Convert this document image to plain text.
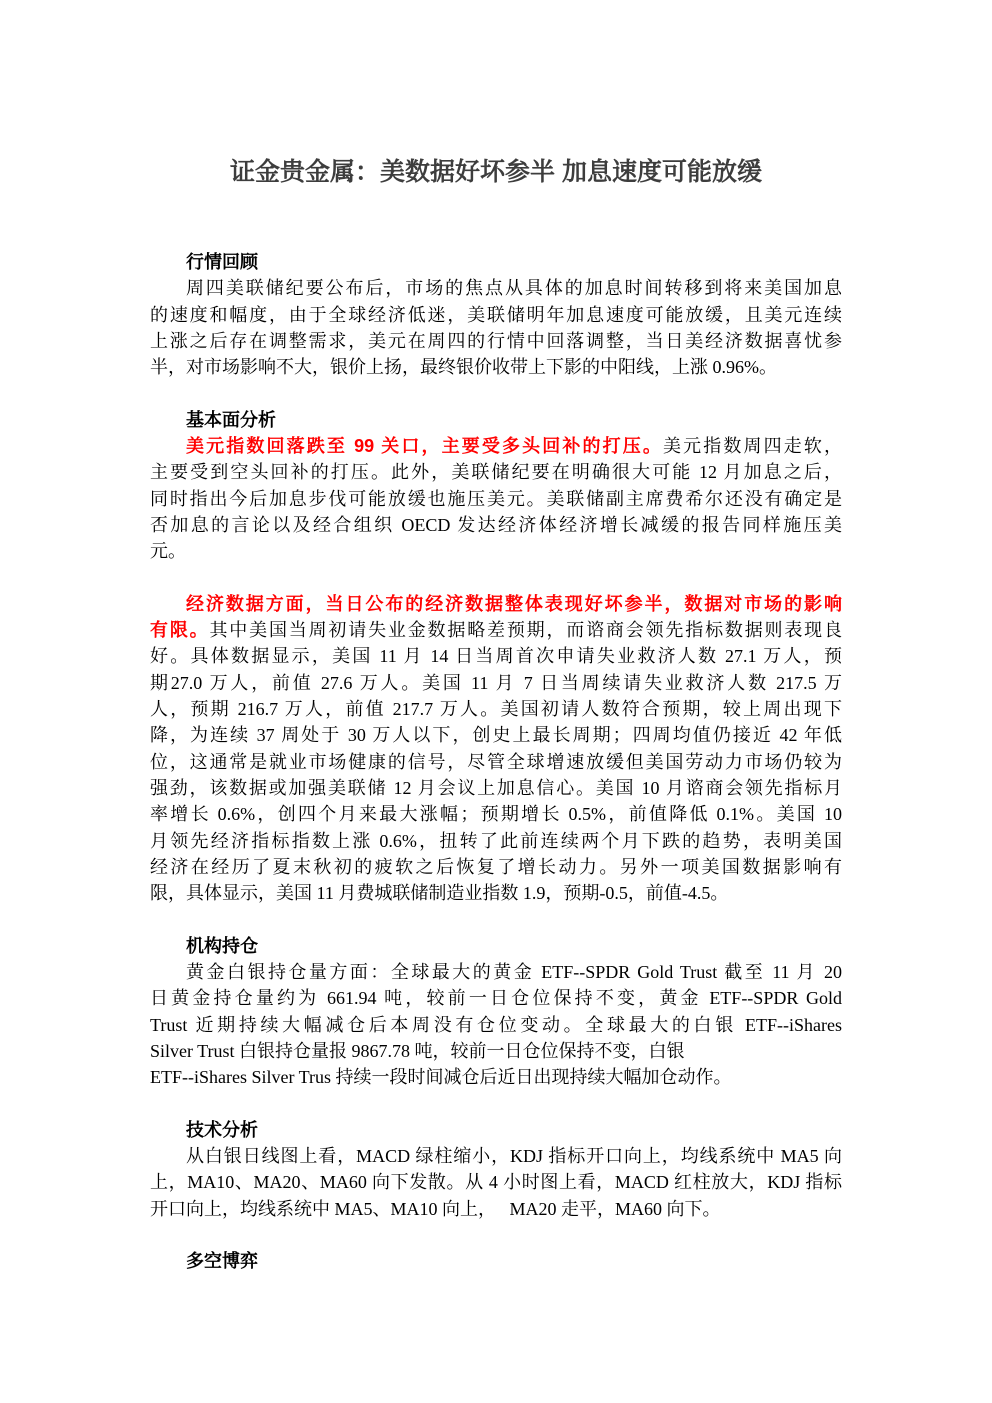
证金贵金属：美数据好坏参半 加息速度可能放缓
行情回顾
周四美联储纪要公布后，市场的焦点从具体的加息时间转移到将来美国加息
的速度和幅度，由于全球经济低迷，美联储明年加息速度可能放缓，且美元连续
上涨之后存在调整需求，美元在周四的行情中回落调整，当日美经济数据喜忧参
半，对市场影响不大，银价上扬，最终银价收带上下影的中阳线，上涨 0.96%。
基本面分析
美元指数回落跌至 99 关口，主要受多头回补的打压。美元指数周四走软，
主要受到空头回补的打压。此外，美联储纪要在明确很大可能 12 月加息之后，
同时指出今后加息步伐可能放缓也施压美元。美联储副主席费希尔还没有确定是
否加息的言论以及经合组织 OECD 发达经济体经济增长减缓的报告同样施压美
元。
经济数据方面，当日公布的经济数据整体表现好坏参半，数据对市场的影响
有限。其中美国当周初请失业金数据略差预期，而谘商会领先指标数据则表现良
好。具体数据显示，美国 11 月 14 日当周首次申请失业救济人数 27.1 万人，预
期27.0 万人，前值 27.6 万人。美国 11 月 7 日当周续请失业救济人数 217.5 万
人，预期 216.7 万人，前值 217.7 万人。美国初请人数符合预期，较上周出现下
降，为连续 37 周处于 30 万人以下，创史上最长周期；四周均值仍接近 42 年低
位，这通常是就业市场健康的信号，尽管全球增速放缓但美国劳动力市场仍较为
强劲，该数据或加强美联储 12 月会议上加息信心。美国 10 月谘商会领先指标月
率增长 0.6%，创四个月来最大涨幅；预期增长 0.5%，前值降低 0.1%。美国 10
月领先经济指标指数上涨 0.6%，扭转了此前连续两个月下跌的趋势，表明美国
经济在经历了夏末秋初的疲软之后恢复了增长动力。另外一项美国数据影响有
限，具体显示，美国 11 月费城联储制造业指数 1.9，预期-0.5，前值-4.5。
机构持仓
黄金白银持仓量方面：全球最大的黄金 ETF--SPDR Gold Trust 截至 11 月 20
日黄金持仓量约为 661.94 吨，较前一日仓位保持不变，黄金 ETF--SPDR Gold
Trust 近期持续大幅减仓后本周没有仓位变动。全球最大的白银 ETF--iShares
Silver Trust 白银持仓量报 9867.78 吨，较前一日仓位保持不变，白银
ETF--iShares Silver Trus 持续一段时间减仓后近日出现持续大幅加仓动作。
技术分析
从白银日线图上看，MACD 绿柱缩小，KDJ 指标开口向上，均线系统中 MA5 向
上，MA10、MA20、MA60 向下发散。从 4 小时图上看，MACD 红柱放大，KDJ 指标
开口向上，均线系统中 MA5、MA10 向上，   MA20 走平，MA60 向下。
多空博弈
